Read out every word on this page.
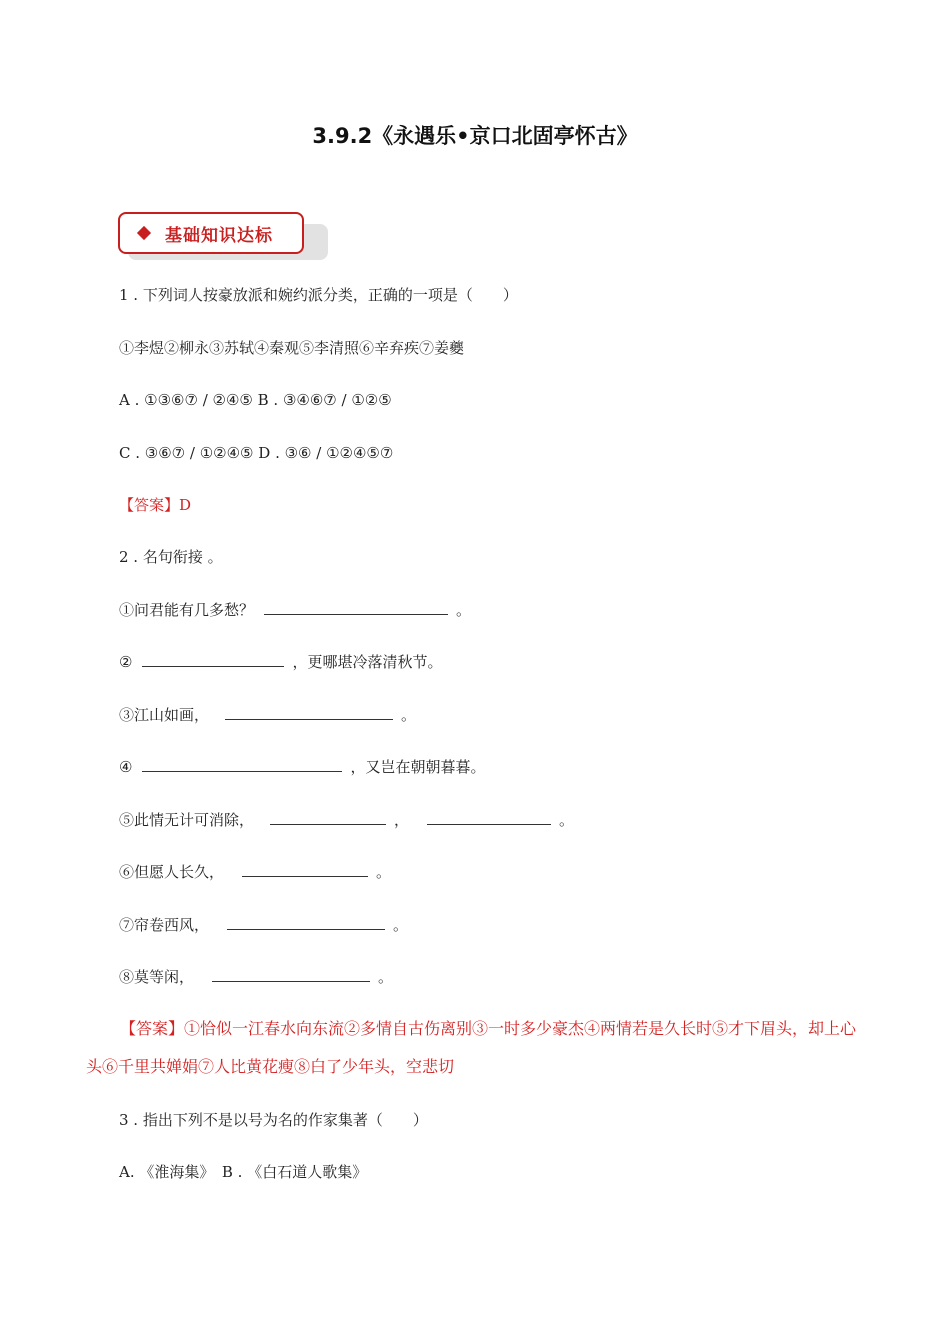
3.9.2《永遇乐•京口北固亭怀古》
基础知识达标
1 . 下列词人按豪放派和婉约派分类，正确的一项是（　　）
①李煜②柳永③苏轼④秦观⑤李清照⑥辛弃疾⑦姜夔
A . ①③⑥⑦ / ②④⑤ B . ③④⑥⑦ / ①②⑤
C . ③⑥⑦ / ①②④⑤ D . ③⑥ / ①②④⑤⑦
【答案】D
2 . 名句衔接 。
①问君能有几多愁？	。
②	，更哪堪冷落清秋节。
③江山如画，	。
④	，又岂在朝朝暮暮。
⑤此情无计可消除，	，	。
⑥但愿人长久，	。
⑦帘卷西风，	。
⑧莫等闲，	。
【答案】①恰似一江春水向东流②多情自古伤离别③一时多少豪杰④两情若是久长时⑤才下眉头，却上心头⑥千里共婵娟⑦人比黄花瘦⑧白了少年头，空悲切
3 . 指出下列不是以号为名的作家集著（　　）
A. 《淮海集》　B . 《白石道人歌集》
